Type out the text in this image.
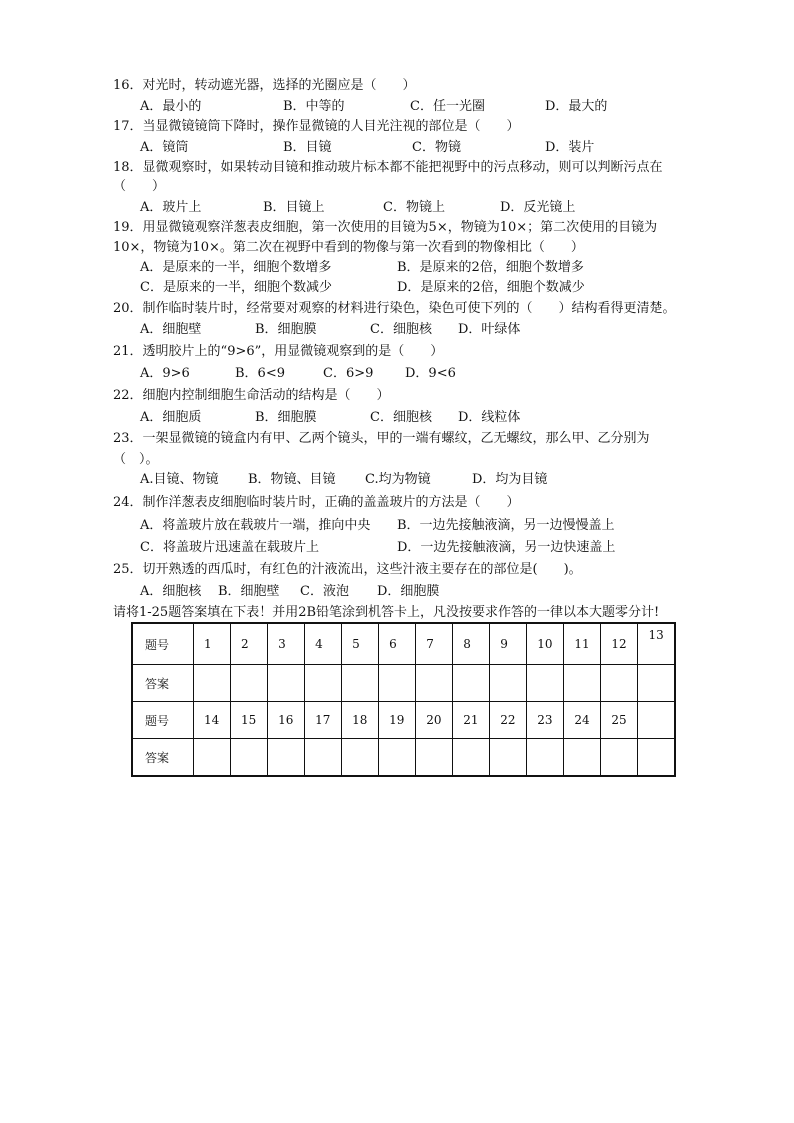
16．对光时，转动遮光器，选择的光圈应是（　　）
A．最小的	B．中等的	C．任一光圈	D．最大的
17．当显微镜镜筒下降时，操作显微镜的人目光注视的部位是（　　）
A．镜筒	B．目镜	C．物镜	D．装片
18．显微观察时，如果转动目镜和推动玻片标本都不能把视野中的污点移动，则可以判断污点在
（　　）
A．玻片上	B．目镜上	C．物镜上	D．反光镜上
19．用显微镜观察洋葱表皮细胞，第一次使用的目镜为5×，物镜为10×；第二次使用的目镜为
10×，物镜为10×。第二次在视野中看到的物像与第一次看到的物像相比（　　）
A．是原来的一半，细胞个数增多	B．是原来的2倍，细胞个数增多
C．是原来的一半，细胞个数减少	D．是原来的2倍，细胞个数减少
20．制作临时装片时，经常要对观察的材料进行染色，染色可使下列的（　　）结构看得更清楚。
A．细胞壁	B．细胞膜	C．细胞核 D．叶绿体
21．透明胶片上的“9>6”，用显微镜观察到的是（　　）
A．9>6	B．6<9	C．6>9 D．9<6
22．细胞内控制细胞生命活动的结构是（　　）
A．细胞质	B．细胞膜	C．细胞核 D．线粒体
23．一架显微镜的镜盒内有甲、乙两个镜头，甲的一端有螺纹，乙无螺纹，那么甲、乙分别为
（　）。
A.目镜、物镜 B．物镜、目镜 C.均为物镜	D．均为目镜
24．制作洋葱表皮细胞临时装片时，正确的盖盖玻片的方法是（　　）
A．将盖玻片放在载玻片一端，推向中央 B．一边先接触液滴，另一边慢慢盖上
C．将盖玻片迅速盖在载玻片上	D．一边先接触液滴，另一边快速盖上
25．切开熟透的西瓜时，有红色的汁液流出，这些汁液主要存在的部位是(　　)。
A．细胞核 B．细胞壁 C．液泡 D．细胞膜
请将1-25题答案填在下表！并用2B铅笔涂到机答卡上，凡没按要求作答的一律以本大题零分计!
题号	1	2	3	4	5	6	7	8	9	10	11	12	13
答案													
题号	14	15	16	17	18	19	20	21	22	23	24	25	
答案													
